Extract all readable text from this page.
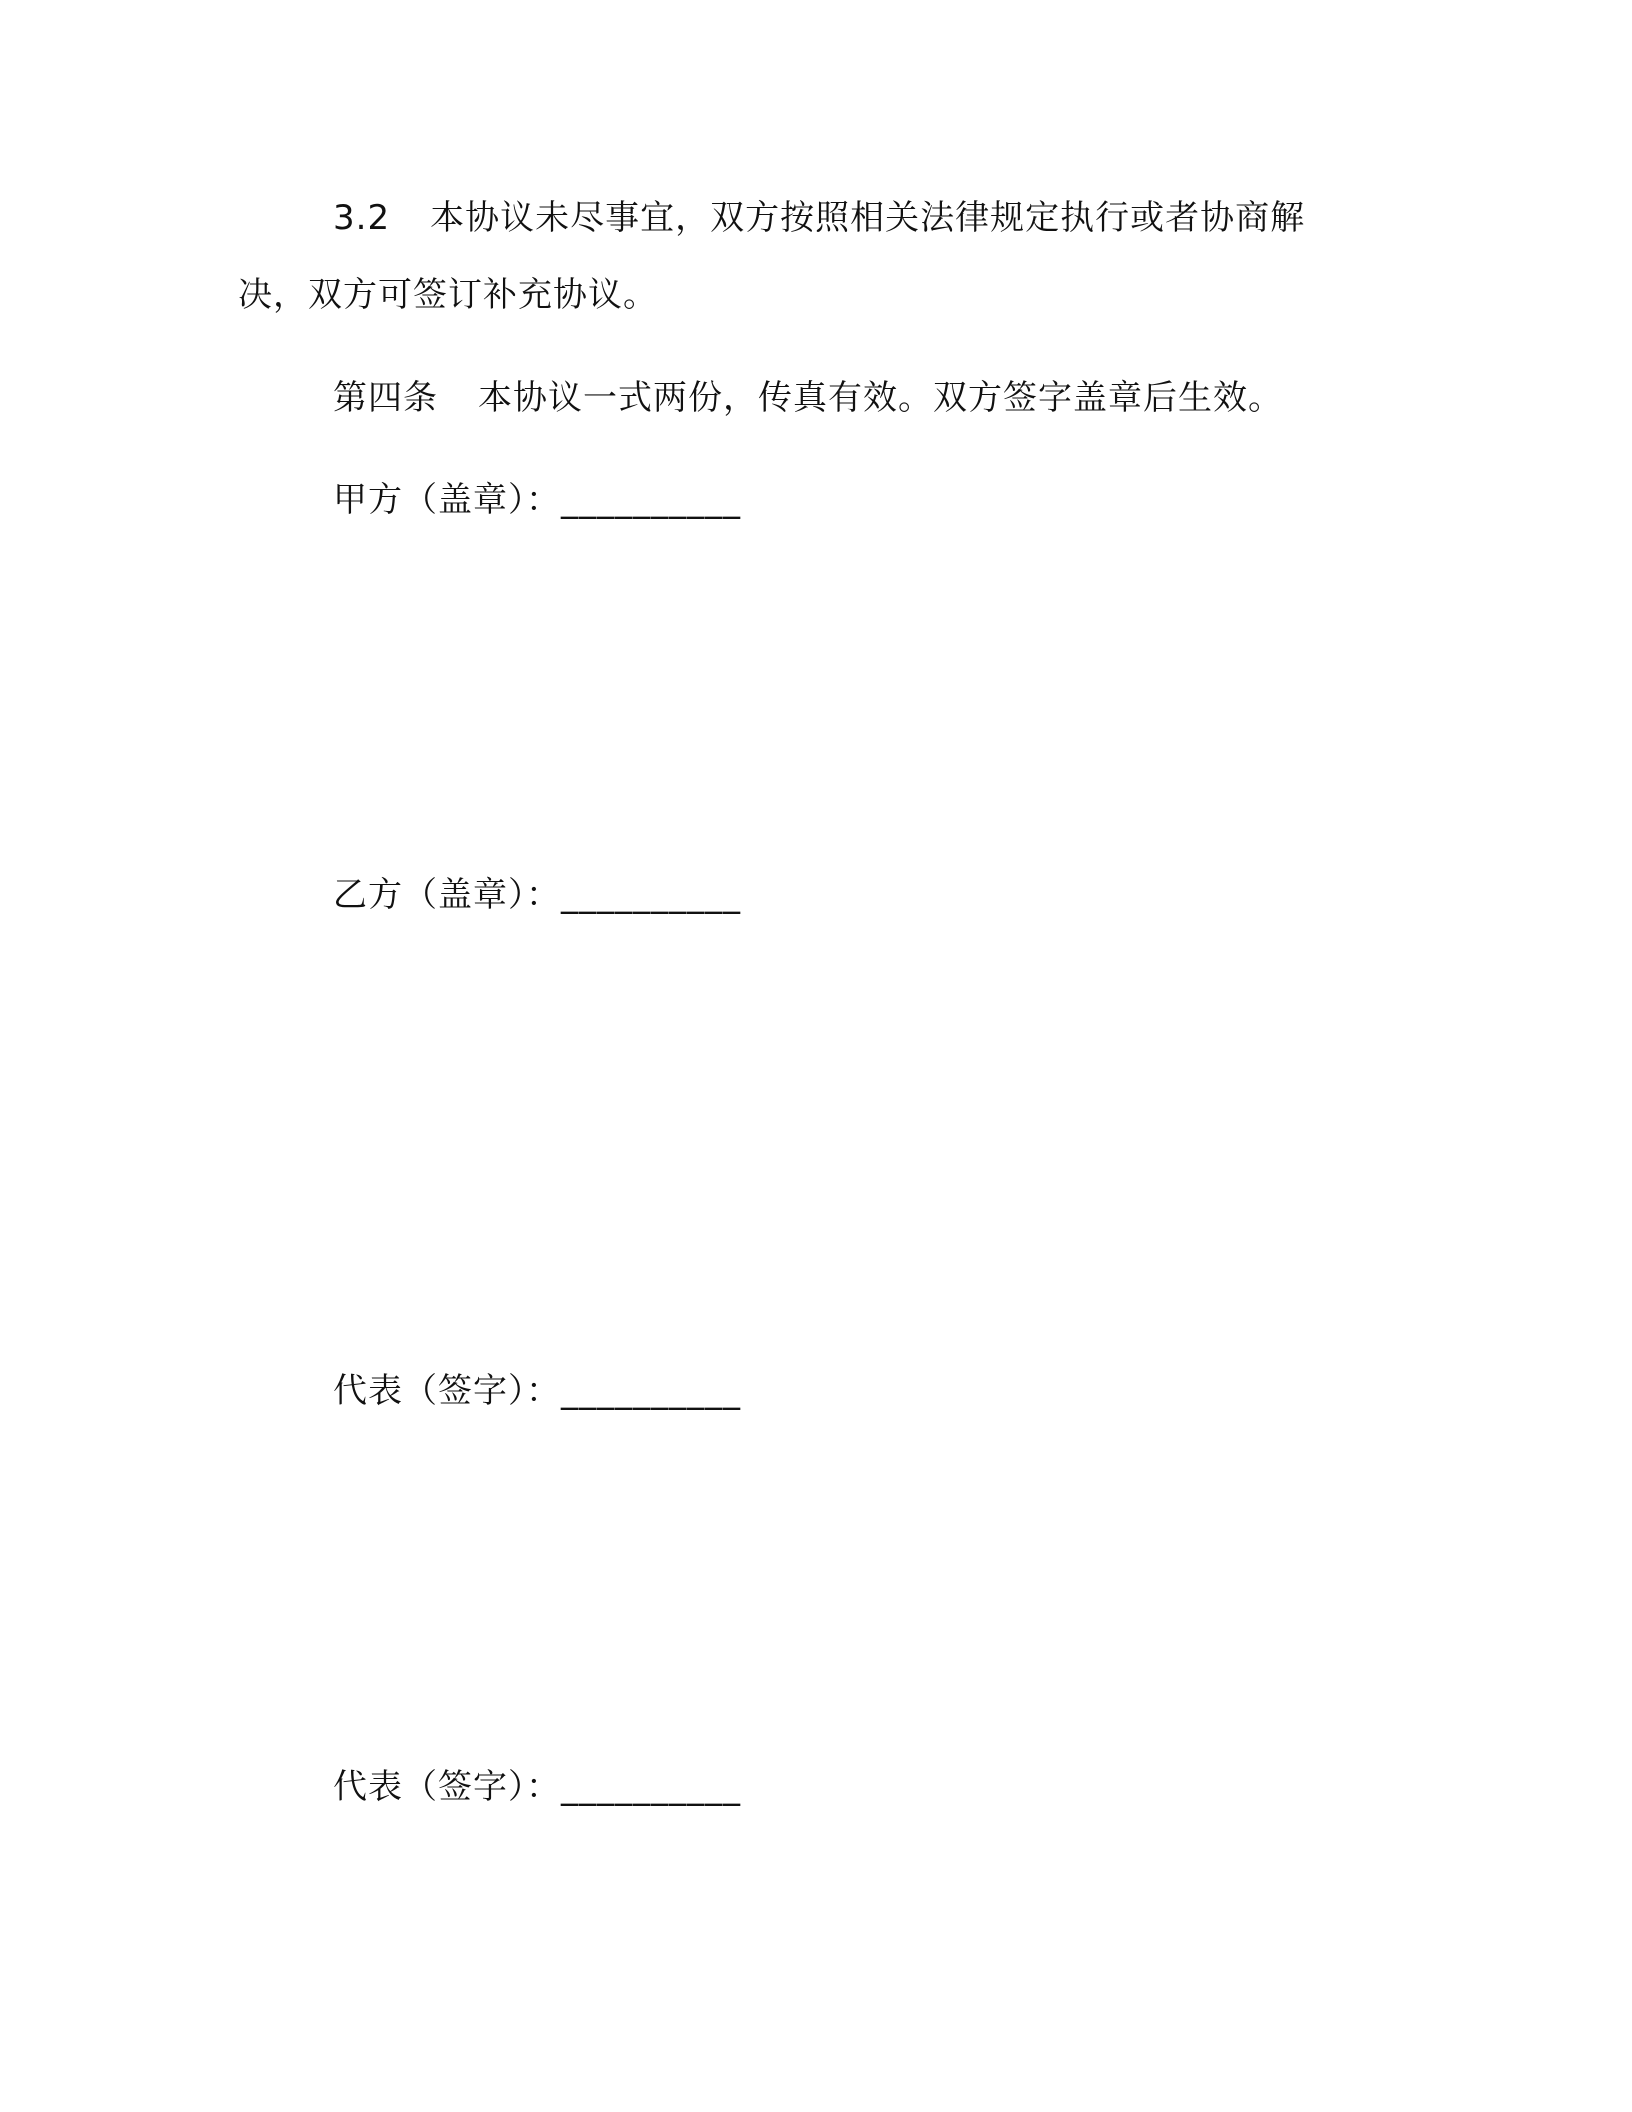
3.2 本协议未尽事宜，双方按照相关法律规定执行或者协商解
决，双方可签订补充协议。
第四条 本协议一式两份，传真有效。双方签字盖章后生效。
甲方（盖章）：__________
乙方（盖章）：__________
代表（签字）：__________
代表（签字）：__________
